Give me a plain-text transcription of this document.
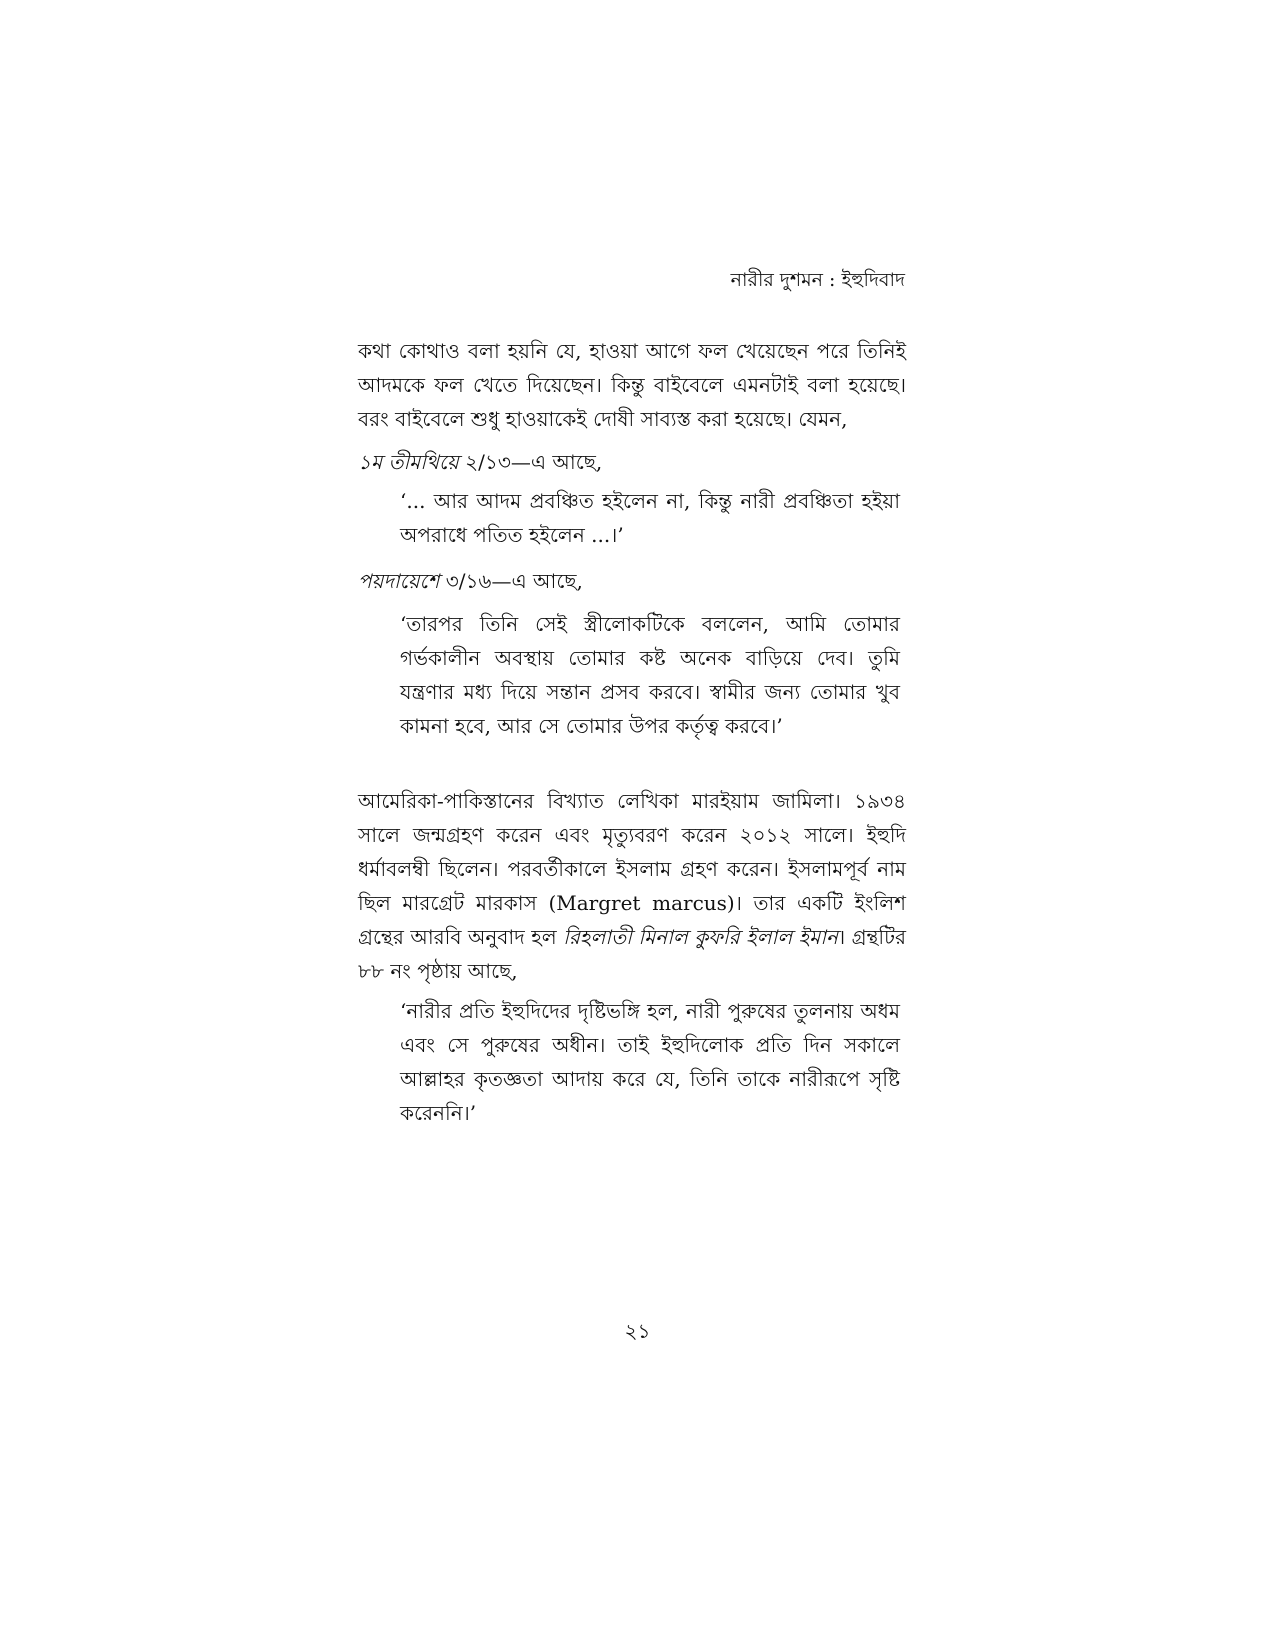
নারীর দুশমন : ইহুদিবাদ
কথা কোথাও বলা হয়নি যে, হাওয়া আগে ফল খেয়েছেন পরে তিনিই আদমকে ফল খেতে দিয়েছেন। কিন্তু বাইবেলে এমনটাই বলা হয়েছে। বরং বাইবেলে শুধু হাওয়াকেই দোষী সাব্যস্ত করা হয়েছে। যেমন,
১ম তীমথিয়ে ২/১৩—এ আছে,
‘... আর আদম প্রবঞ্চিত হইলেন না, কিন্তু নারী প্রবঞ্চিতা হইয়া অপরাধে পতিত হইলেন ...।’
পয়দায়েশে ৩/১৬—এ আছে,
‘তারপর তিনি সেই স্ত্রীলোকটিকে বললেন, আমি তোমার গর্ভকালীন অবস্থায় তোমার কষ্ট অনেক বাড়িয়ে দেব। তুমি যন্ত্রণার মধ্য দিয়ে সন্তান প্রসব করবে। স্বামীর জন্য তোমার খুব কামনা হবে, আর সে তোমার উপর কর্তৃত্ব করবে।’
আমেরিকা-পাকিস্তানের বিখ্যাত লেখিকা মারইয়াম জামিলা। ১৯৩৪ সালে জন্মগ্রহণ করেন এবং মৃত্যুবরণ করেন ২০১২ সালে। ইহুদি ধর্মাবলম্বী ছিলেন। পরবর্তীকালে ইসলাম গ্রহণ করেন। ইসলামপূর্ব নাম ছিল মারগ্রেট মারকাস (Margret marcus)। তার একটি ইংলিশ গ্রন্থের আরবি অনুবাদ হল রিহলাতী মিনাল কুফরি ইলাল ইমান। গ্রন্থটির ৮৮ নং পৃষ্ঠায় আছে,
‘নারীর প্রতি ইহুদিদের দৃষ্টিভঙ্গি হল, নারী পুরুষের তুলনায় অধম এবং সে পুরুষের অধীন। তাই ইহুদিলোক প্রতি দিন সকালে আল্লাহর কৃতজ্ঞতা আদায় করে যে, তিনি তাকে নারীরূপে সৃষ্টি করেননি।’
২১
